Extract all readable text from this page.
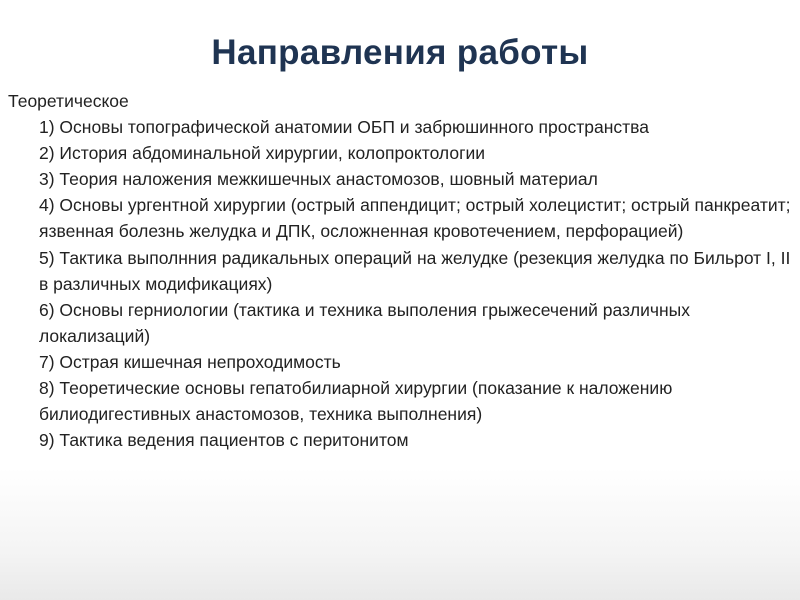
Направления работы
Теоретическое
1) Основы топографической анатомии ОБП и забрюшинного пространства
2) История абдоминальной хирургии, колопроктологии
3) Теория наложения межкишечных анастомозов, шовный материал
4) Основы ургентной хирургии (острый аппендицит; острый холецистит; острый панкреатит; язвенная болезнь желудка и ДПК, осложненная кровотечением, перфорацией)
5) Тактика выполнния радикальных операций на желудке (резекция желудка по Бильрот I, II в различных модификациях)
6) Основы герниологии (тактика и техника выполения грыжесечений различных локализаций)
7) Острая кишечная непроходимость
8) Теоретические основы гепатобилиарной хирургии (показание к наложению билиодигестивных анастомозов, техника выполнения)
9) Тактика ведения пациентов с перитонитом
